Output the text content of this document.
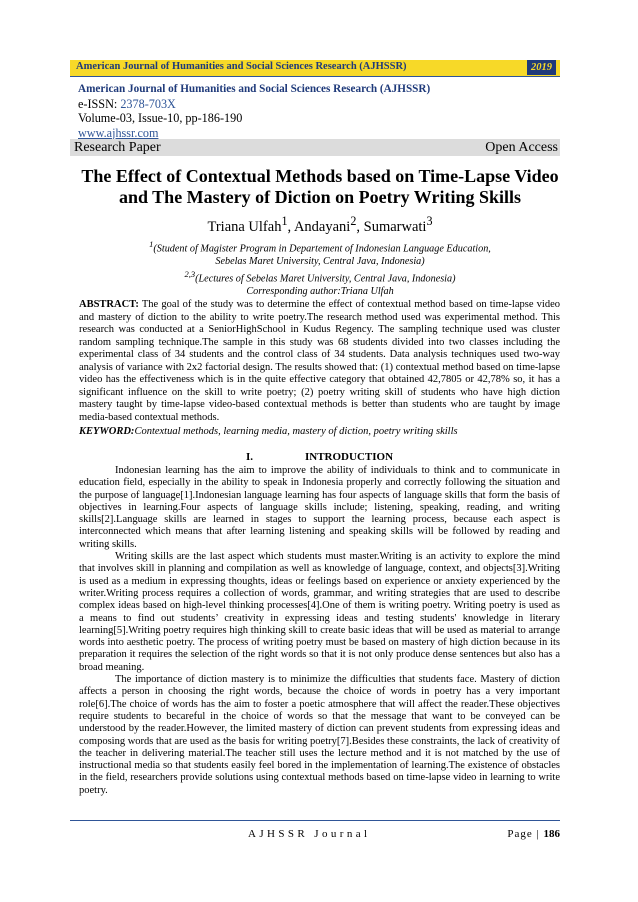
American Journal of Humanities and Social Sciences Research (AJHSSR)	2019
American Journal of Humanities and Social Sciences Research (AJHSSR)
e-ISSN: 2378-703X
Volume-03, Issue-10, pp-186-190
www.ajhssr.com
Research Paper	Open Access
The Effect of Contextual Methods based on Time-Lapse Video
and The Mastery of Diction on Poetry Writing Skills
Triana Ulfah$^1$, Andayani$^2$, Sumarwati$^3$
$^1$(Student of Magister Program in Departement of Indonesian Language Education,
Sebelas Maret University, Central Java, Indonesia)
$^{2,3}$(Lectures of Sebelas Maret University, Central Java, Indonesia)
Corresponding author:Triana Ulfah
ABSTRACT: The goal of the study was to determine the effect of contextual method based on time-lapse video and mastery of diction to the ability to write poetry.The research method used was experimental method. This research was conducted at a SeniorHighSchool in Kudus Regency. The sampling technique used was cluster random sampling technique.The sample in this study was 68 students divided into two classes including the experimental class of 34 students and the control class of 34 students. Data analysis techniques used two-way analysis of variance with 2x2 factorial design. The results showed that: (1) contextual method based on time-lapse video has the effectiveness which is in the quite effective category that obtained 42,7805 or 42,78% so, it has a significant influence on the skill to write poetry; (2) poetry writing skill of students who have high diction mastery taught by time-lapse video-based contextual methods is better than students who are taught by image media-based contextual methods.
KEYWORD:Contextual methods, learning media, mastery of diction, poetry writing skills
I.	INTRODUCTION

Indonesian learning has the aim to improve the ability of individuals to think and to communicate in education field, especially in the ability to speak in Indonesia properly and correctly following the situation and the purpose of language[1].Indonesian language learning has four aspects of language skills that form the basis of objectives in learning.Four aspects of language skills include; listening, speaking, reading, and writing skills[2].Language skills are learned in stages to support the learning process, because each aspect is interconnected which means that after learning listening and speaking skills will be followed by reading and writing skills.

Writing skills are the last aspect which students must master.Writing is an activity to explore the mind that involves skill in planning and compilation as well as knowledge of language, context, and objects[3].Writing is used as a medium in expressing thoughts, ideas or feelings based on experience or anxiety experienced by the writer.Writing process requires a collection of words, grammar, and writing strategies that are used to describe complex ideas based on high-level thinking processes[4].One of them is writing poetry. Writing poetry is used as a means to find out students’ creativity in expressing ideas and testing students' knowledge in literary learning[5].Writing poetry requires high thinking skill to create basic ideas that will be used as material to arrange words into aesthetic poetry. The process of writing poetry must be based on mastery of high diction because in its preparation it requires the selection of the right words so that it is not only produce dense sentences but also has a broad meaning.

The importance of diction mastery is to minimize the difficulties that students face. Mastery of diction affects a person in choosing the right words, because the choice of words in poetry has a very important role[6].The choice of words has the aim to foster a poetic atmosphere that will affect the reader.These objectives require students to becareful in the choice of words so that the message that want to be conveyed can be understood by the reader.However, the limited mastery of diction can prevent students from expressing ideas and composing words that are used as the basis for writing poetry[7].Besides these constraints, the lack of creativity of the teacher in delivering material.The teacher still uses the lecture method and it is not matched by the use of instructional media so that students easily feel bored in the implementation of learning.The existence of obstacles in the field, researchers provide solutions using contextual methods based on time-lapse video in learning to write poetry.

AJHSSR Journal	Page | 186
